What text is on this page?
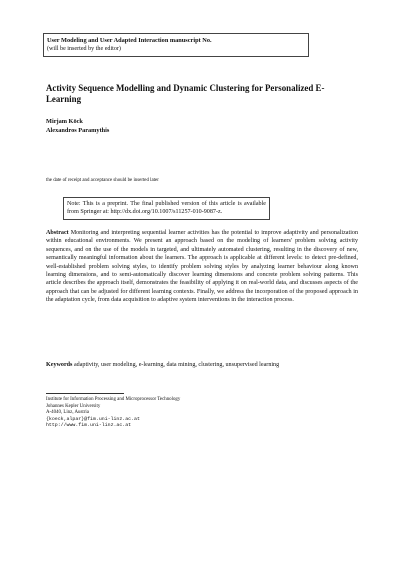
User Modeling and User Adapted Interaction manuscript No.
(will be inserted by the editor)
Activity Sequence Modelling and Dynamic Clustering for Personalized E-Learning
Mirjam Köck
Alexandros Paramythis
the date of receipt and acceptance should be inserted later
Note: This is a preprint. The final published version of this article is available from Springer at: http://dx.doi.org/10.1007/s11257-010-9087-z.
Abstract Monitoring and interpreting sequential learner activities has the potential to improve adaptivity and personalization within educational environments. We present an approach based on the modeling of learners' problem solving activity sequences, and on the use of the models in targeted, and ultimately automated clustering, resulting in the discovery of new, semantically meaningful information about the learners. The approach is applicable at different levels: to detect pre-defined, well-established problem solving styles, to identify problem solving styles by analyzing learner behaviour along known learning dimensions, and to semi-automatically discover learning dimensions and concrete problem solving patterns. This article describes the approach itself, demonstrates the feasibility of applying it on real-world data, and discusses aspects of the approach that can be adjusted for different learning contexts. Finally, we address the incorporation of the proposed approach in the adaptation cycle, from data acquisition to adaptive system interventions in the interaction process.
Keywords adaptivity, user modeling, e-learning, data mining, clustering, unsupervised learning
Institute for Information Processing and Microprocessor Technology
Johannes Kepler University
A-4040, Linz, Austria
{koeck,alpar}@fim.uni-linz.ac.at
http://www.fim.uni-linz.ac.at
